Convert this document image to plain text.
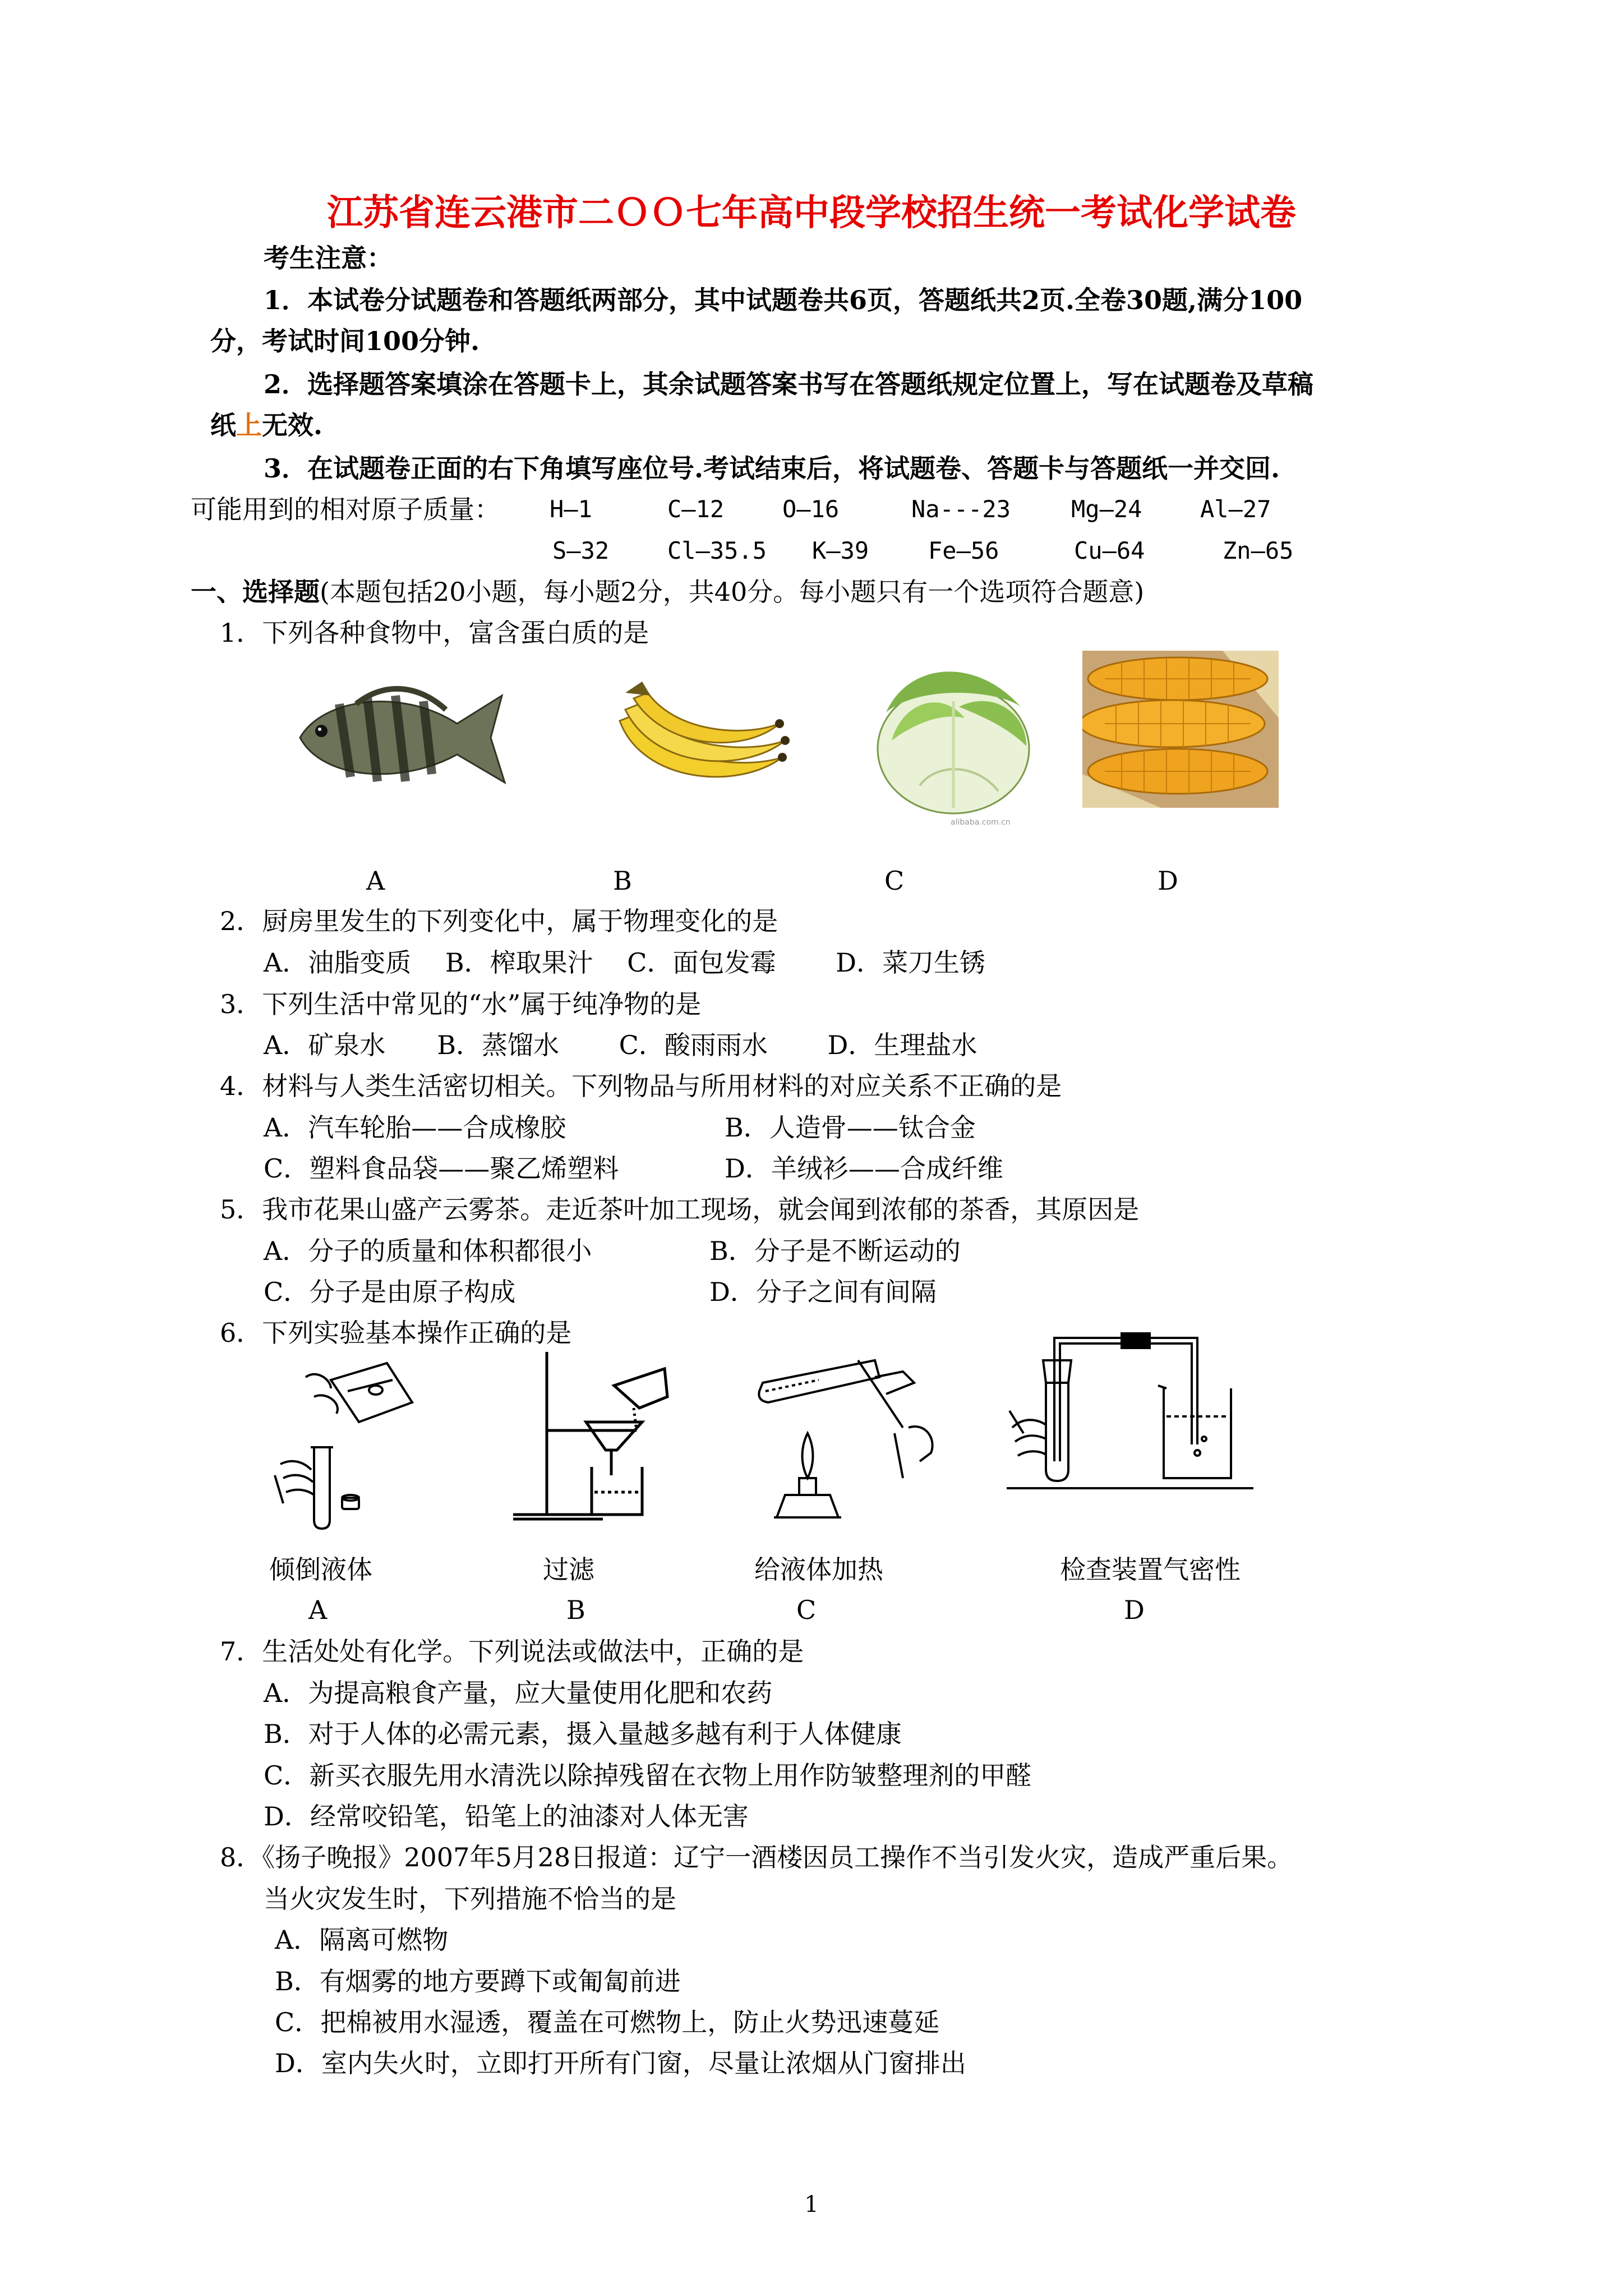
江苏省连云港市二ＯＯ七年高中段学校招生统一考试化学试卷
考生注意：
1．本试卷分试题卷和答题纸两部分，其中试题卷共6页，答题纸共2页.全卷30题,满分100
分，考试时间100分钟.
2．选择题答案填涂在答题卡上，其余试题答案书写在答题纸规定位置上，写在试题卷及草稿
纸上无效.
3．在试题卷正面的右下角填写座位号.考试结束后，将试题卷、答题卡与答题纸一并交回.
可能用到的相对原子质量： H—1	C—12 O—16	Na---23	Mg—24 Al—27
S—32 Cl—35.5 K—39	Fe—56	Cu—64	Zn—65
一、选择题(本题包括20小题，每小题2分，共40分。每小题只有一个选项符合题意)
1．下列各种食物中，富含蛋白质的是
alibaba.com.cn
A	B	C	D
2．厨房里发生的下列变化中，属于物理变化的是
A．油脂变质　 B．榨取果汁　 C．面包发霉　　 D．菜刀生锈
3．下列生活中常见的“水”属于纯净物的是
A．矿泉水　　B．蒸馏水　　 C．酸雨雨水　　 D．生理盐水
4．材料与人类生活密切相关。下列物品与所用材料的对应关系不正确的是
A．汽车轮胎——合成橡胶	B．人造骨——钛合金
C．塑料食品袋——聚乙烯塑料	D．羊绒衫——合成纤维
5．我市花果山盛产云雾茶。走近茶叶加工现场，就会闻到浓郁的茶香，其原因是
A．分子的质量和体积都很小	B．分子是不断运动的
C．分子是由原子构成	D．分子之间有间隔
6．下列实验基本操作正确的是
倾倒液体	过滤	给液体加热	检查装置气密性
A	B	C	D
7．生活处处有化学。下列说法或做法中，正确的是
A．为提高粮食产量，应大量使用化肥和农药
B．对于人体的必需元素，摄入量越多越有利于人体健康
C．新买衣服先用水清洗以除掉残留在衣物上用作防皱整理剂的甲醛
D．经常咬铅笔，铅笔上的油漆对人体无害
8．《扬子晚报》2007年5月28日报道：辽宁一酒楼因员工操作不当引发火灾，造成严重后果。
当火灾发生时，下列措施不恰当的是
A．隔离可燃物
B．有烟雾的地方要蹲下或匍匐前进
C．把棉被用水湿透，覆盖在可燃物上，防止火势迅速蔓延
D．室内失火时，立即打开所有门窗，尽量让浓烟从门窗排出
1
